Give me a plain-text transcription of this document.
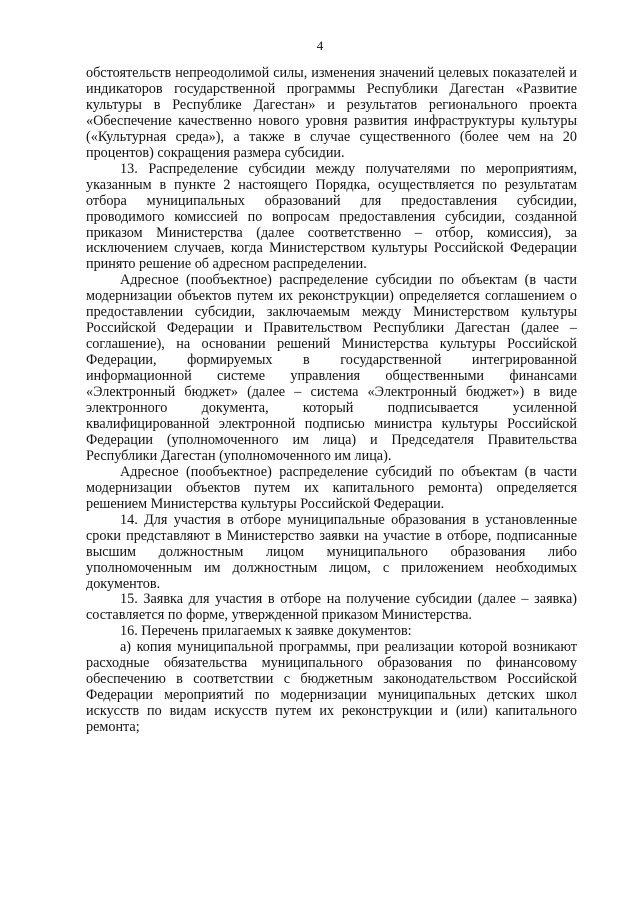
4

обстоятельств непреодолимой силы, изменения значений целевых показателей и индикаторов государственной программы Республики Дагестан «Развитие культуры в Республике Дагестан» и результатов регионального проекта «Обеспечение качественно нового уровня развития инфраструктуры культуры («Культурная среда»), а также в случае существенного (более чем на 20 процентов) сокращения размера субсидии.

13. Распределение субсидии между получателями по мероприятиям, указанным в пункте 2 настоящего Порядка, осуществляется по результатам отбора муниципальных образований для предоставления субсидии, проводимого комиссией по вопросам предоставления субсидии, созданной приказом Министерства (далее соответственно – отбор, комиссия), за исключением случаев, когда Министерством культуры Российской Федерации принято решение об адресном распределении.

Адресное (пообъектное) распределение субсидии по объектам (в части модернизации объектов путем их реконструкции) определяется соглашением о предоставлении субсидии, заключаемым между Министерством культуры Российской Федерации и Правительством Республики Дагестан (далее – соглашение), на основании решений Министерства культуры Российской Федерации, формируемых в государственной интегрированной информационной системе управления общественными финансами «Электронный бюджет» (далее – система «Электронный бюджет») в виде электронного документа, который подписывается усиленной квалифицированной электронной подписью министра культуры Российской Федерации (уполномоченного им лица) и Председателя Правительства Республики Дагестан (уполномоченного им лица).

Адресное (пообъектное) распределение субсидий по объектам (в части модернизации объектов путем их капитального ремонта) определяется решением Министерства культуры Российской Федерации.

14. Для участия в отборе муниципальные образования в установленные сроки представляют в Министерство заявки на участие в отборе, подписанные высшим должностным лицом муниципального образования либо уполномоченным им должностным лицом, с приложением необходимых документов.

15. Заявка для участия в отборе на получение субсидии (далее – заявка) составляется по форме, утвержденной приказом Министерства.

16. Перечень прилагаемых к заявке документов:

а) копия муниципальной программы, при реализации которой возникают расходные обязательства муниципального образования по финансовому обеспечению в соответствии с бюджетным законодательством Российской Федерации мероприятий по модернизации муниципальных детских школ искусств по видам искусств путем их реконструкции и (или) капитального ремонта;
